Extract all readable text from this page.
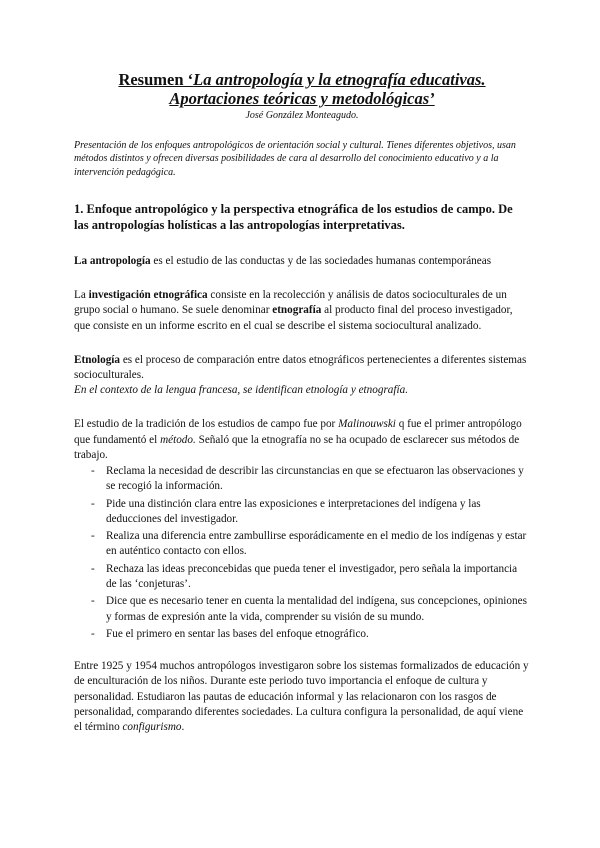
Resumen ‘La antropología y la etnografía educativas.
Aportaciones teóricas y metodológicas’
José González Monteagudo.
Presentación de los enfoques antropológicos de orientación social y cultural. Tienes diferentes objetivos, usan métodos distintos y ofrecen diversas posibilidades de cara al desarrollo del conocimiento educativo y a la intervención pedagógica.
1. Enfoque antropológico y la perspectiva etnográfica de los estudios de campo. De las antropologías holísticas a las antropologías interpretativas.

La antropología es el estudio de las conductas y de las sociedades humanas contemporáneas

La investigación etnográfica consiste en la recolección y análisis de datos socioculturales de un grupo social o humano. Se suele denominar etnografía al producto final del proceso investigador, que consiste en un informe escrito en el cual se describe el sistema sociocultural analizado.

Etnología es el proceso de comparación entre datos etnográficos pertenecientes a diferentes sistemas socioculturales.
En el contexto de la lengua francesa, se identifican etnología y etnografía.

El estudio de la tradición de los estudios de campo fue por Malinouwski q fue el primer antropólogo que fundamentó el método. Señaló que la etnografía no se ha ocupado de esclarecer sus métodos de trabajo.

- Reclama la necesidad de describir las circunstancias en que se efectuaron las observaciones y se recogió la información.
- Pide una distinción clara entre las exposiciones e interpretaciones del indígena y las deducciones del investigador.
- Realiza una diferencia entre zambullirse esporádicamente en el medio de los indígenas y estar en auténtico contacto con ellos.
- Rechaza las ideas preconcebidas que pueda tener el investigador, pero señala la importancia de las ‘conjeturas’.
- Dice que es necesario tener en cuenta la mentalidad del indígena, sus concepciones, opiniones y formas de expresión ante la vida, comprender su visión de su mundo.
- Fue el primero en sentar las bases del enfoque etnográfico.

Entre 1925 y 1954 muchos antropólogos investigaron sobre los sistemas formalizados de educación y de enculturación de los niños. Durante este periodo tuvo importancia el enfoque de cultura y personalidad. Estudiaron las pautas de educación informal y las relacionaron con los rasgos de personalidad, comparando diferentes sociedades. La cultura configura la personalidad, de aquí viene el término configurismo.
